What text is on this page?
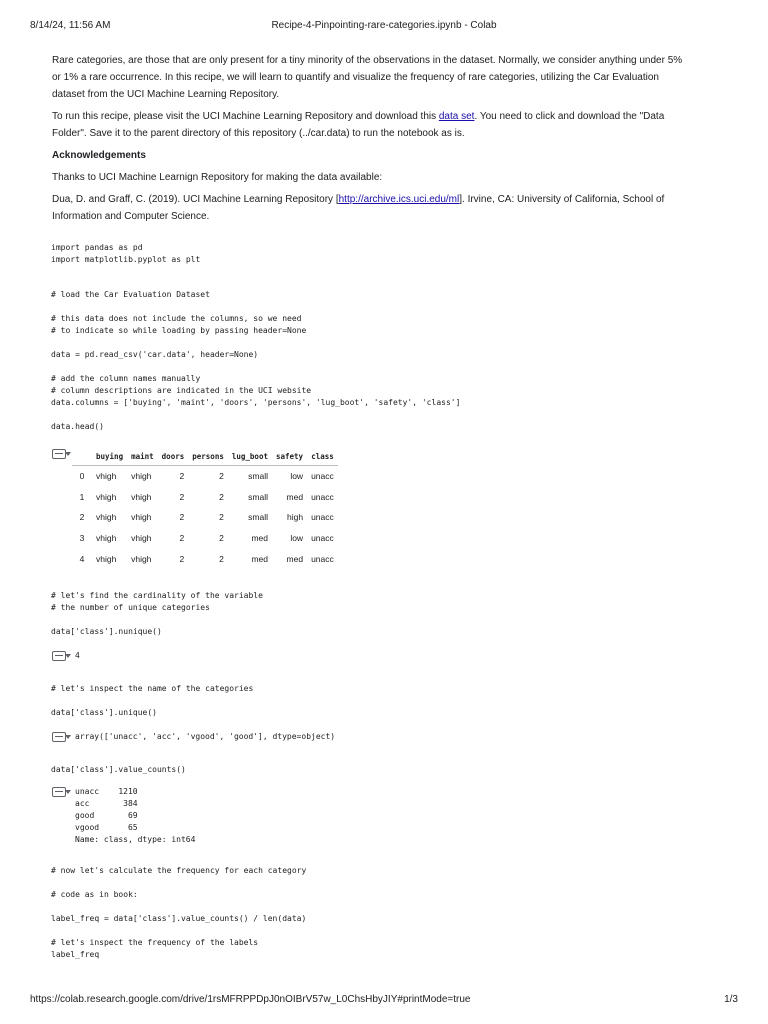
8/14/24, 11:56 AM	Recipe-4-Pinpointing-rare-categories.ipynb - Colab

Rare categories, are those that are only present for a tiny minority of the observations in the dataset. Normally, we consider anything under 5% or 1% a rare occurrence. In this recipe, we will learn to quantify and visualize the frequency of rare categories, utilizing the Car Evaluation dataset from the UCI Machine Learning Repository.

To run this recipe, please visit the UCI Machine Learning Repository and download this data set. You need to click and download the "Data Folder". Save it to the parent directory of this repository (../car.data) to run the notebook as is.

Acknowledgements

Thanks to UCI Machine Learnign Repository for making the data available:

Dua, D. and Graff, C. (2019). UCI Machine Learning Repository [http://archive.ics.uci.edu/ml]. Irvine, CA: University of California, School of Information and Computer Science.

import pandas as pd
import matplotlib.pyplot as plt
# load the Car Evaluation Dataset

# this data does not include the columns, so we need
# to indicate so while loading by passing header=None

data = pd.read_csv('car.data', header=None)

# add the column names manually
# column descriptions are indicated in the UCI website
data.columns = ['buying', 'maint', 'doors', 'persons', 'lug_boot', 'safety', 'class']

data.head()
	buying	maint	doors	persons	lug_boot	safety	class
0	vhigh	vhigh	2	2	small	low	unacc
1	vhigh	vhigh	2	2	small	med	unacc
2	vhigh	vhigh	2	2	small	high	unacc
3	vhigh	vhigh	2	2	med	low	unacc
4	vhigh	vhigh	2	2	med	med	unacc
# let's find the cardinality of the variable
# the number of unique categories

data['class'].nunique()
4
# let's inspect the name of the categories

data['class'].unique()
array(['unacc', 'acc', 'vgood', 'good'], dtype=object)
data['class'].value_counts()
unacc    1210
acc       384
good       69
vgood      65
Name: class, dtype: int64
# now let's calculate the frequency for each category

# code as in book:

label_freq = data['class'].value_counts() / len(data)

# let's inspect the frequency of the labels
label_freq
https://colab.research.google.com/drive/1rsMFRPPDpJ0nOIBrV57w_L0ChsHbyJIY#printMode=true	1/3
